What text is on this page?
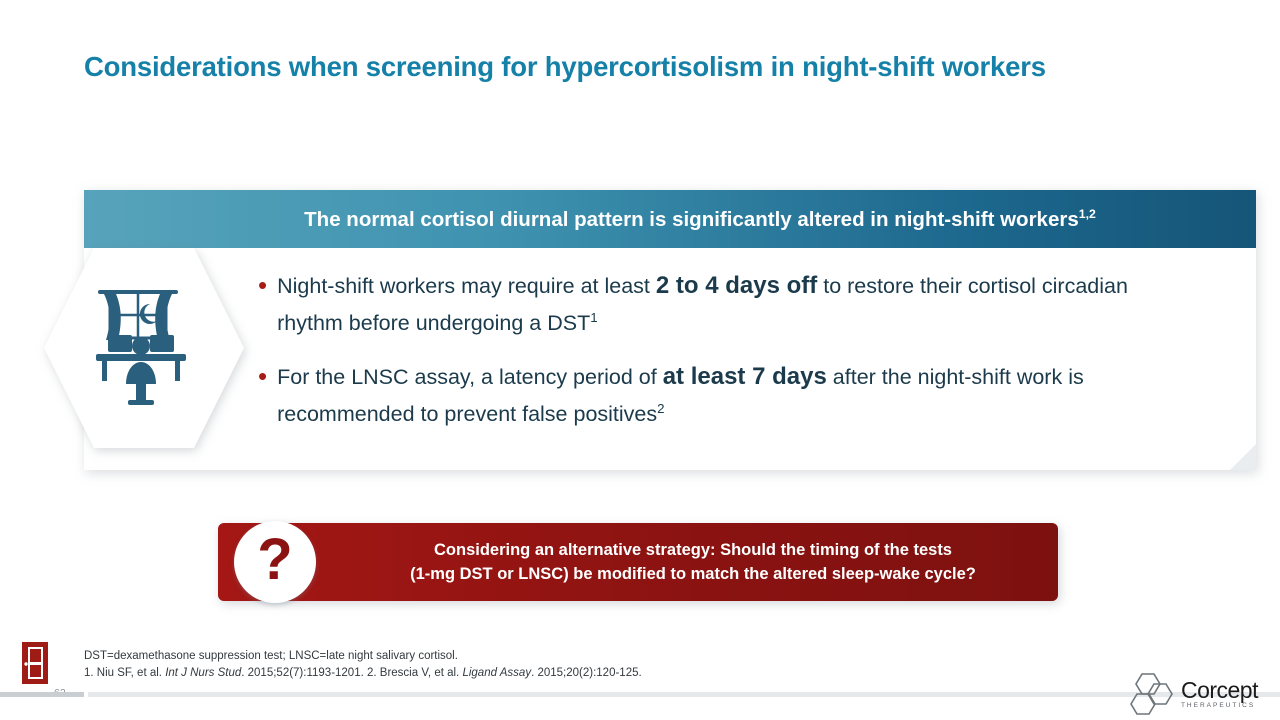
Considerations when screening for hypercortisolism in night-shift workers
The normal cortisol diurnal pattern is significantly altered in night-shift workers$^{1,2}$
• Night-shift workers may require at least 2 to 4 days off to restore their cortisol circadian rhythm before undergoing a DST$^1$
• For the LNSC assay, a latency period of at least 7 days after the night-shift work is recommended to prevent false positives$^2$
Considering an alternative strategy: Should the timing of the tests
(1-mg DST or LNSC) be modified to match the altered sleep-wake cycle?
?
DST=dexamethasone suppression test; LNSC=late night salivary cortisol.
1. Niu SF, et al. Int J Nurs Stud. 2015;52(7):1193-1201. 2. Brescia V, et al. Ligand Assay. 2015;20(2):120-125.
Corcept
THERAPEUTICS
